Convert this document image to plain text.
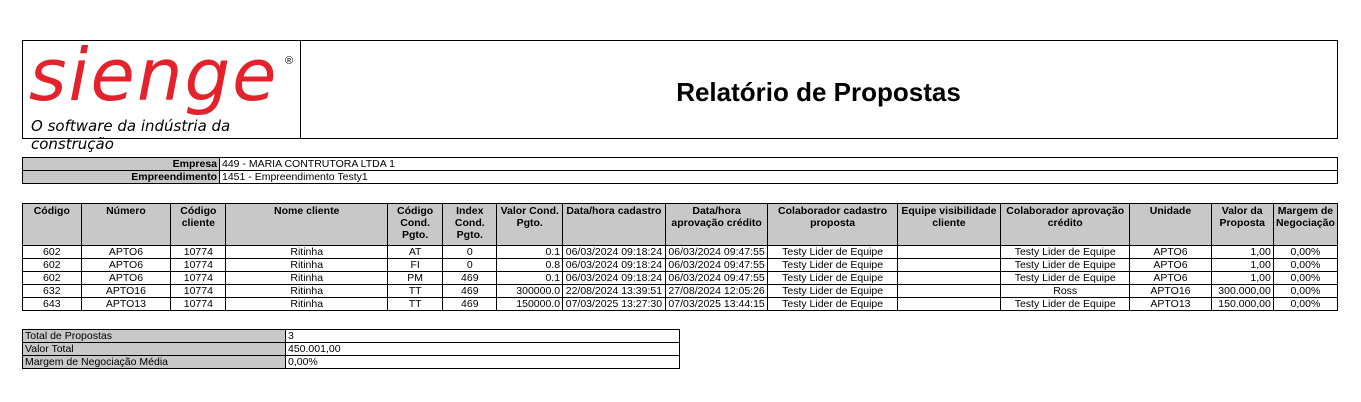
sienge ®
O software da indústria da construção
Relatório de Propostas
Empresa	449 - MARIA CONTRUTORA LTDA 1
Empreendimento	1451 - Empreendimento Testy1
Código	Número	Código cliente	Nome cliente	Código Cond. Pgto.	Index Cond. Pgto.	Valor Cond. Pgto.	Data/hora cadastro	Data/hora aprovação crédito	Colaborador cadastro proposta	Equipe visibilidade cliente	Colaborador aprovação crédito	Unidade	Valor da Proposta	Margem de Negociação
602	APTO6	10774	Ritinha	AT	0	0.1	06/03/2024 09:18:24	06/03/2024 09:47:55	Testy Lider de Equipe		Testy Lider de Equipe	APTO6	1,00	0,00%
602	APTO6	10774	Ritinha	FI	0	0.8	06/03/2024 09:18:24	06/03/2024 09:47:55	Testy Lider de Equipe		Testy Lider de Equipe	APTO6	1,00	0,00%
602	APTO6	10774	Ritinha	PM	469	0.1	06/03/2024 09:18:24	06/03/2024 09:47:55	Testy Lider de Equipe		Testy Lider de Equipe	APTO6	1,00	0,00%
632	APTO16	10774	Ritinha	TT	469	300000.0	22/08/2024 13:39:51	27/08/2024 12:05:26	Testy Lider de Equipe		Ross	APTO16	300.000,00	0,00%
643	APTO13	10774	Ritinha	TT	469	150000.0	07/03/2025 13:27:30	07/03/2025 13:44:15	Testy Lider de Equipe		Testy Lider de Equipe	APTO13	150.000,00	0,00%
Total de Propostas	3
Valor Total	450.001,00
Margem de Negociação Média	0,00%
